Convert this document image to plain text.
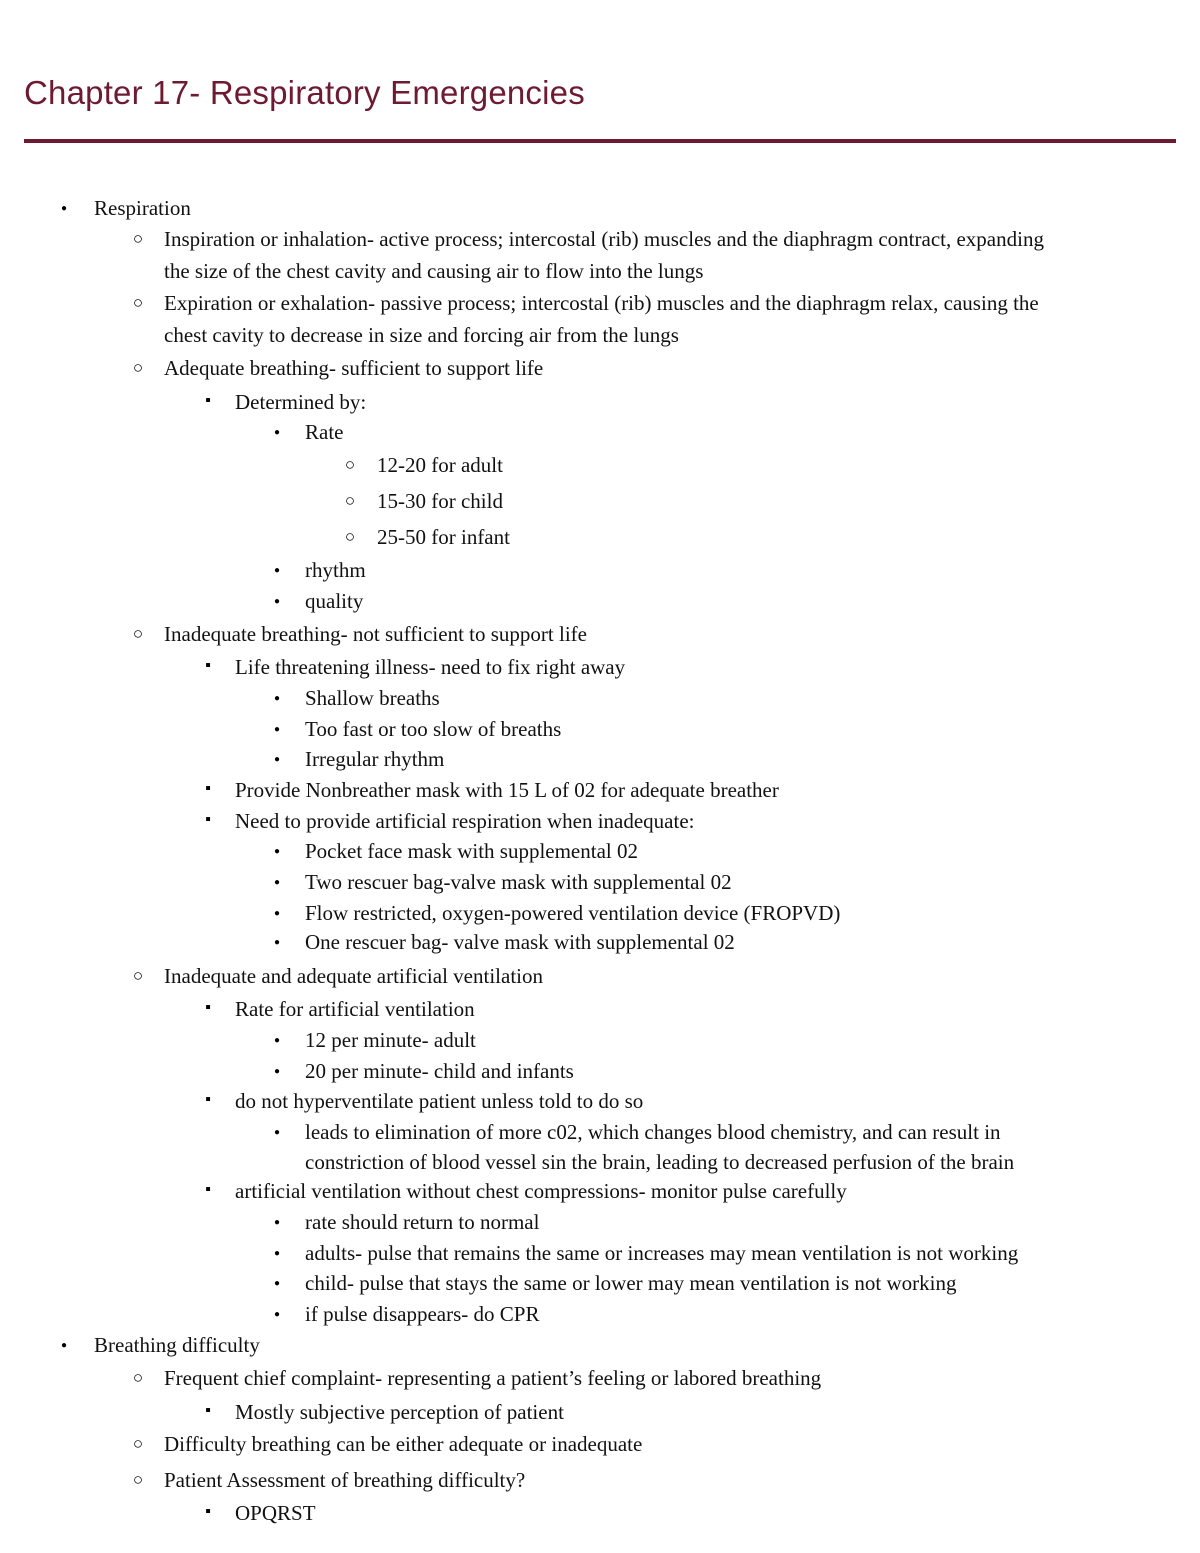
Chapter 17- Respiratory Emergencies
●
Respiration
○
Inspiration or inhalation- active process; intercostal (rib) muscles and the diaphragm contract, expanding
the size of the chest cavity and causing air to flow into the lungs
○
Expiration or exhalation- passive process; intercostal (rib) muscles and the diaphragm relax, causing the
chest cavity to decrease in size and forcing air from the lungs
○
Adequate breathing- sufficient to support life
▪
Determined by:
●
Rate
○
12-20 for adult
○
15-30 for child
○
25-50 for infant
●
rhythm
●
quality
○
Inadequate breathing- not sufficient to support life
▪
Life threatening illness- need to fix right away
●
Shallow breaths
●
Too fast or too slow of breaths
●
Irregular rhythm
▪
Provide Nonbreather mask with 15 L of 02 for adequate breather
▪
Need to provide artificial respiration when inadequate:
●
Pocket face mask with supplemental 02
●
Two rescuer bag-valve mask with supplemental 02
●
Flow restricted, oxygen-powered ventilation device (FROPVD)
●
One rescuer bag- valve mask with supplemental 02
○
Inadequate and adequate artificial ventilation
▪
Rate for artificial ventilation
●
12 per minute- adult
●
20 per minute- child and infants
▪
do not hyperventilate patient unless told to do so
●
leads to elimination of more c02, which changes blood chemistry, and can result in
constriction of blood vessel sin the brain, leading to decreased perfusion of the brain
▪
artificial ventilation without chest compressions- monitor pulse carefully
●
rate should return to normal
●
adults- pulse that remains the same or increases may mean ventilation is not working
●
child- pulse that stays the same or lower may mean ventilation is not working
●
if pulse disappears- do CPR
●
Breathing difficulty
○
Frequent chief complaint- representing a patient’s feeling or labored breathing
▪
Mostly subjective perception of patient
○
Difficulty breathing can be either adequate or inadequate
○
Patient Assessment of breathing difficulty?
▪
OPQRST
